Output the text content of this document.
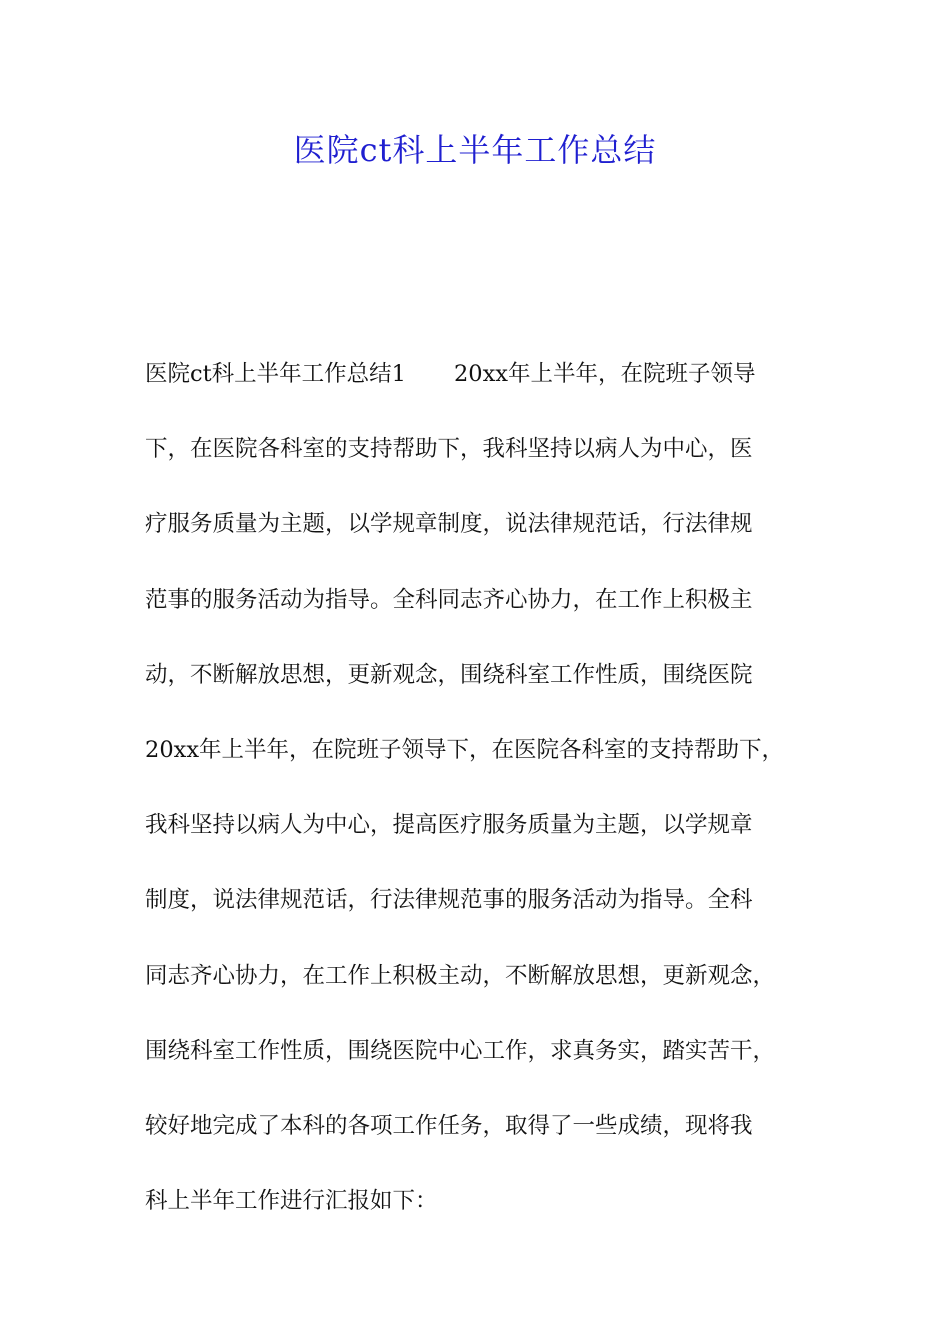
医院ct科上半年工作总结
医院ct科上半年工作总结1 20xx年上半年，在院班子领导
下，在医院各科室的支持帮助下，我科坚持以病人为中心，医
疗服务质量为主题，以学规章制度，说法律规范话，行法律规
范事的服务活动为指导。全科同志齐心协力，在工作上积极主
动，不断解放思想，更新观念，围绕科室工作性质，围绕医院
20xx年上半年，在院班子领导下，在医院各科室的支持帮助下，
我科坚持以病人为中心，提高医疗服务质量为主题，以学规章
制度，说法律规范话，行法律规范事的服务活动为指导。全科
同志齐心协力，在工作上积极主动，不断解放思想，更新观念，
围绕科室工作性质，围绕医院中心工作，求真务实，踏实苦干，
较好地完成了本科的各项工作任务，取得了一些成绩，现将我
科上半年工作进行汇报如下：
